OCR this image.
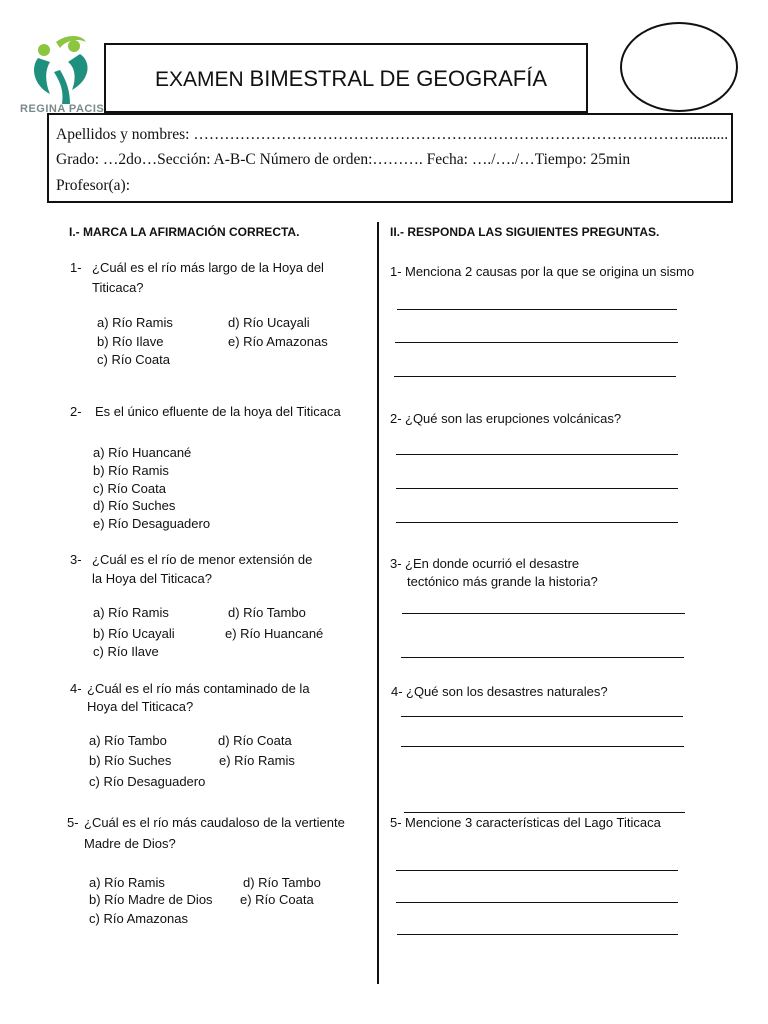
REGINA PACIS
EXAMEN BIMESTRAL DE GEOGRAFÍA
Apellidos y nombres: ……………………………………………………………………………………..........
Grado: …2do…Sección: A-B-C Número de orden:………. Fecha: …./…./…Tiempo: 25min
Profesor(a):
I.- MARCA LA AFIRMACIÓN CORRECTA.
1- ¿Cuál es el río más largo de la Hoya del
Titicaca?
a) Río Ramis	d) Río Ucayali
b) Río Ilave	e) Río Amazonas
c) Río Coata
2- Es el único efluente de la hoya del Titicaca
a) Río Huancané
b) Río Ramis
c) Río Coata
d) Río Suches
e) Río Desaguadero
3- ¿Cuál es el río de menor extensión de
la Hoya del Titicaca?
a) Río Ramis	d) Río Tambo
b) Río Ucayali	e) Río Huancané
c) Río Ilave
4- ¿Cuál es el río más contaminado de la
Hoya del Titicaca?
a) Río Tambo	d) Río Coata
b) Río Suches	e) Río Ramis
c) Río Desaguadero
5- ¿Cuál es el río más caudaloso de la vertiente
Madre de Dios?
a) Río Ramis	d) Río Tambo
b) Río Madre de Dios e) Río Coata
c) Río Amazonas
II.- RESPONDA LAS SIGUIENTES PREGUNTAS.
1- Menciona 2 causas por la que se origina un sismo
2- ¿Qué son las erupciones volcánicas?
3- ¿En donde ocurrió el desastre
tectónico más grande la historia?
4- ¿Qué son los desastres naturales?
5- Mencione 3 características del Lago Titicaca
